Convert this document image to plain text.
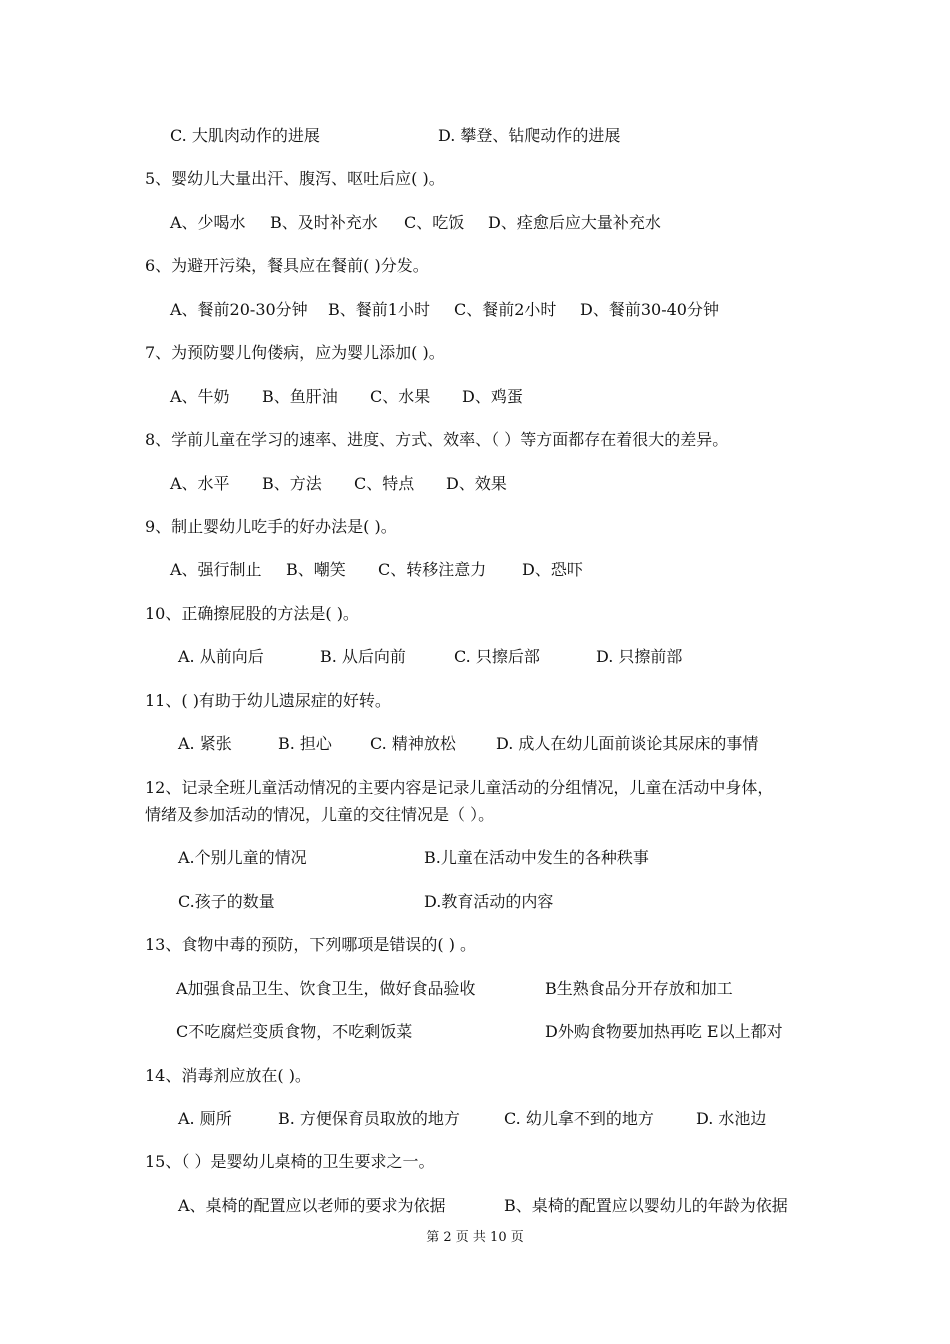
C. 大肌肉动作的进展	D. 攀登、钻爬动作的进展
5、婴幼儿大量出汗、腹泻、呕吐后应( )。
A、少喝水 B、及时补充水 C、吃饭 D、痊愈后应大量补充水
6、为避开污染，餐具应在餐前( )分发。
A、餐前20-30分钟 B、餐前1小时 C、餐前2小时 D、餐前30-40分钟
7、为预防婴儿佝偻病，应为婴儿添加( )。
A、牛奶 B、鱼肝油 C、水果 D、鸡蛋
8、学前儿童在学习的速率、进度、方式、效率、（ ）等方面都存在着很大的差异。
A、水平 B、方法 C、特点 D、效果
9、制止婴幼儿吃手的好办法是( )。
A、强行制止 B、嘲笑 C、转移注意力 D、恐吓
10、正确擦屁股的方法是( )。
A. 从前向后	B. 从后向前	C. 只擦后部	D. 只擦前部
11、( )有助于幼儿遗尿症的好转。
A. 紧张	B. 担心 C. 精神放松	D. 成人在幼儿面前谈论其尿床的事情
12、记录全班儿童活动情况的主要内容是记录儿童活动的分组情况，儿童在活动中身体，
情绪及参加活动的情况，儿童的交往情况是（ ）。
A.个别儿童的情况	B.儿童在活动中发生的各种秩事
C.孩子的数量	D.教育活动的内容
13、食物中毒的预防，下列哪项是错误的( ) 。
A加强食品卫生、饮食卫生，做好食品验收	B生熟食品分开存放和加工
C不吃腐烂变质食物，不吃剩饭菜	D外购食物要加热再吃 E以上都对
14、消毒剂应放在( )。
A. 厕所	B. 方便保育员取放的地方	C. 幼儿拿不到的地方	D. 水池边
15、（ ）是婴幼儿桌椅的卫生要求之一。
A、桌椅的配置应以老师的要求为依据	B、桌椅的配置应以婴幼儿的年龄为依据
第 2 页 共 10 页
